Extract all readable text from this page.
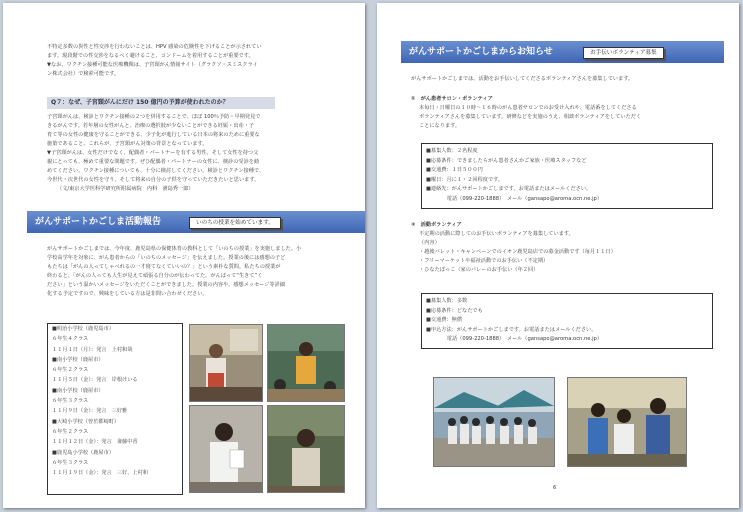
不特定多数の異性と性交渉を行わないことは、HPV 感染の危険性を下げることが示されてい

ます。現段階での性交渉をなるべく避けること、コンドームを着用することが重要です。

▼なお、ワクチン接種可能な医療機関は、子宮頸がん情報サイト（グラクソ・スミスクライ

ン株式会社）で検索可能です。

Q７：なぜ、子宮頸がんにだけ 150 億円の予算が使われたのか？

子宮頸がんは、検診とワクチン接種の２つを併用することで、ほぼ 100％予防・早期発見で

きるがんです。若年層の女性がんと、治療の選択肢が少ないことができる妊娠・出産・子

育て等の女性の健康を守ることができる、少子化が進行している日本の将来のために重要な

施策であること。これらが、子宮頸がん対策の背景となっています。

▼子宮頸がんは、女性だけでなく、配偶者・パートナーを有する男性、そして女性を持つ父

親にとっても、極めて重要な問題です。ぜひ配偶者・パートナーの女性に、検診の受診を勧

めてください。ワクチン接種についても、十分に検討してください。検診とワクチン接種で、

今世代・次世代の女性を守り、そして将来の自分の子供を守っていただきたいと思います。

（文/東京大学医科学研究所附属病院　内科　濱島秀一郎）

がんサポートかごしま活動報告	いのちの授業を始めています。

がんサポートかごしまでは、今年度、鹿児島県の保健体育の教科として「いのちの授業」を実施しました。小

学校高学年を対象に、がん患者からの「いのちのメッセージ」を伝えました。授業の後には感想の子ど

もたちは「がんの人ってしゃべれるの一才寝てなくていいの？」という素朴な質問。私たちの授業が

終わると、「がんの人っても人生が見えて頑張る自分のが伝わってた。がんばって“生きて”く

ださい」という温かいメッセージをいただくことができました。授業の内容や、感想メッセージ等詳細

化する予定ですので、興味をしている方は是非問い合わせください。

■明治小学校（鹿児島市）

６年生４クラス

１１月１日（月）：発言　上村和哉

■南小学校（鹿屋市）

６年生２クラス

１１月５日（金）：発言　岸根けいる

■南小学校（鹿屋市）

６年生３クラス

１１月９日（金）：発言　三好雅

■大崎小学校（曽於郡崎町）

６年生２クラス

１１月１２日（金）：発言　斎藤中香

■鹿児島小学校（鹿屋市）

６年生３クラス

１１月１９日（金）：発言　三好、上村和

がんサポートかごしまからお知らせ	お手伝いボランティア募集

がんサポートかごしまでは、活動をお手伝いしてくださるボランティアさんを募集しています。

①　がん患者サロン・ボランティア

本毎日・日曜日の１０時～１６時のがん患者サロンでのお受け入れや、電話番をしてくださる

ボランティアさんを募集しています。研修などを実施のうえ、相談ボランティアをしていただく

ことになります。

■募集人数：２名程度

■応募条件：できましたらがん患者さんかご家族・医療スタッフなど

■交通費：１日５００円

■曜日：月に１・２回程度です。

■連絡先：がんサポートかごしまです。お電話またはメールください。

　　　　電話（099-220-1888）　メール（gansapo@aroma.ocn.ne.jp）

②　活動ボランティア

不定期の活動に際してのお手伝いボランティアを募集しています。

（内容）

・越後バレット・キャンペーンでのイオン鹿児島店での募金活動です（毎月１１日）

・フリーマーケットや福祉活動でのお手伝い（不定期）

・ひなたぼっこ（家のバレーのお手伝い（年２回）

■募集人数：多数

■応募条件：どなたでも

■交通費：無償

■申込方法：がんサポートかごしまです。お電話またはメールください。

　　　　電話（099-220-1888）　メール（gansapo@aroma.ocn.ne.jp）

6
